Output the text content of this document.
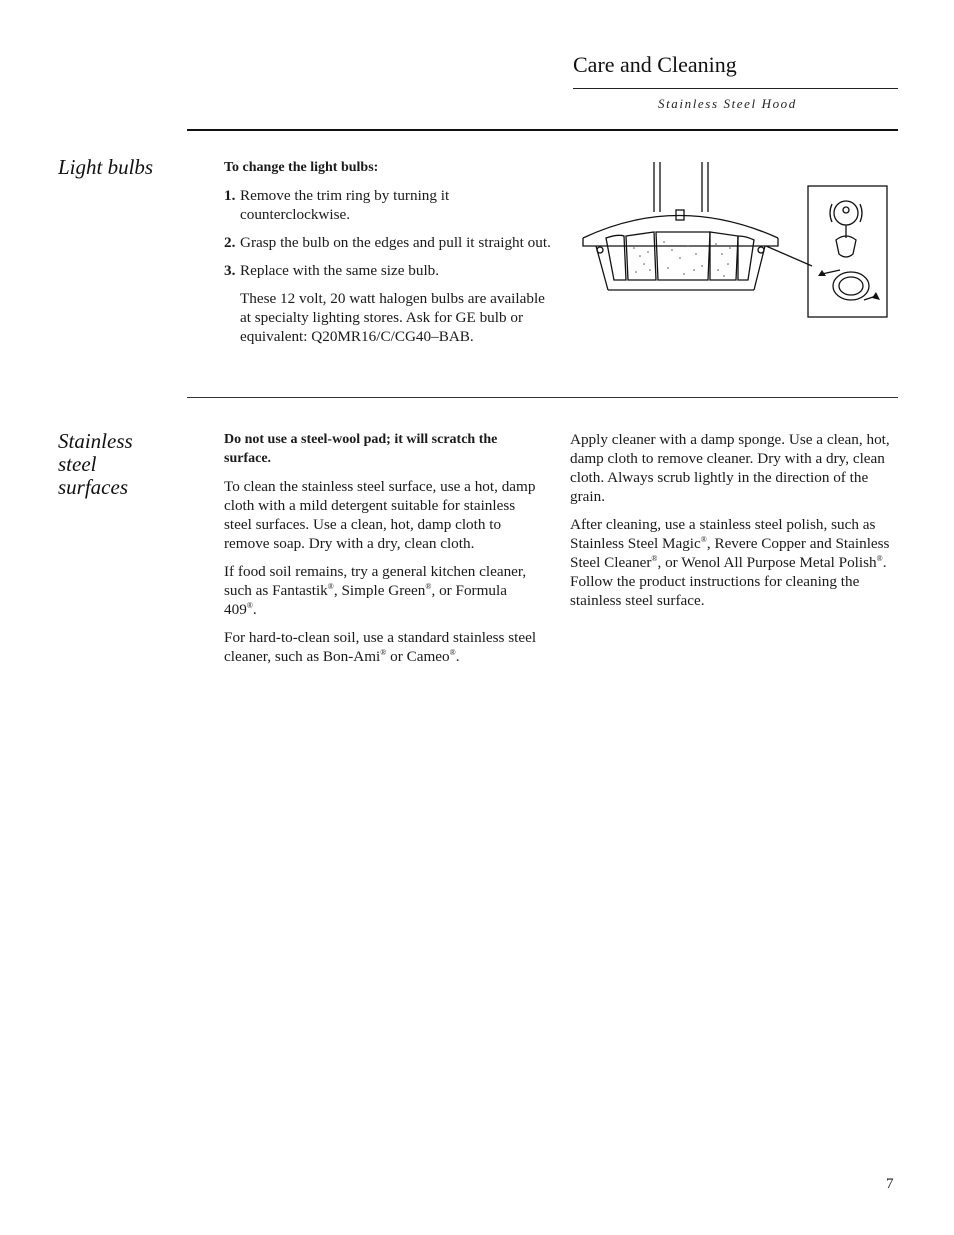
Care and Cleaning
Stainless Steel Hood
Light bulbs	To change the light bulbs:

1. Remove the trim ring by turning it counterclockwise.
2. Grasp the bulb on the edges and pull it straight out.
3. Replace with the same size bulb.

These 12 volt, 20 watt halogen bulbs are available at specialty lighting stores. Ask for GE bulb or equivalent: Q20MR16/C/CG40–BAB.

Stainless
steel
surfaces

Do not use a steel-wool pad; it will scratch the surface.

To clean the stainless steel surface, use a hot, damp cloth with a mild detergent suitable for stainless steel surfaces. Use a clean, hot, damp cloth to remove soap. Dry with a dry, clean cloth.

If food soil remains, try a general kitchen cleaner, such as Fantastik®, Simple Green®, or Formula 409®.

For hard-to-clean soil, use a standard stainless steel cleaner, such as Bon-Ami® or Cameo®.

Apply cleaner with a damp sponge. Use a clean, hot, damp cloth to remove cleaner. Dry with a dry, clean cloth. Always scrub lightly in the direction of the grain.

After cleaning, use a stainless steel polish, such as Stainless Steel Magic®, Revere Copper and Stainless Steel Cleaner®, or Wenol All Purpose Metal Polish®. Follow the product instructions for cleaning the stainless steel surface.

7
